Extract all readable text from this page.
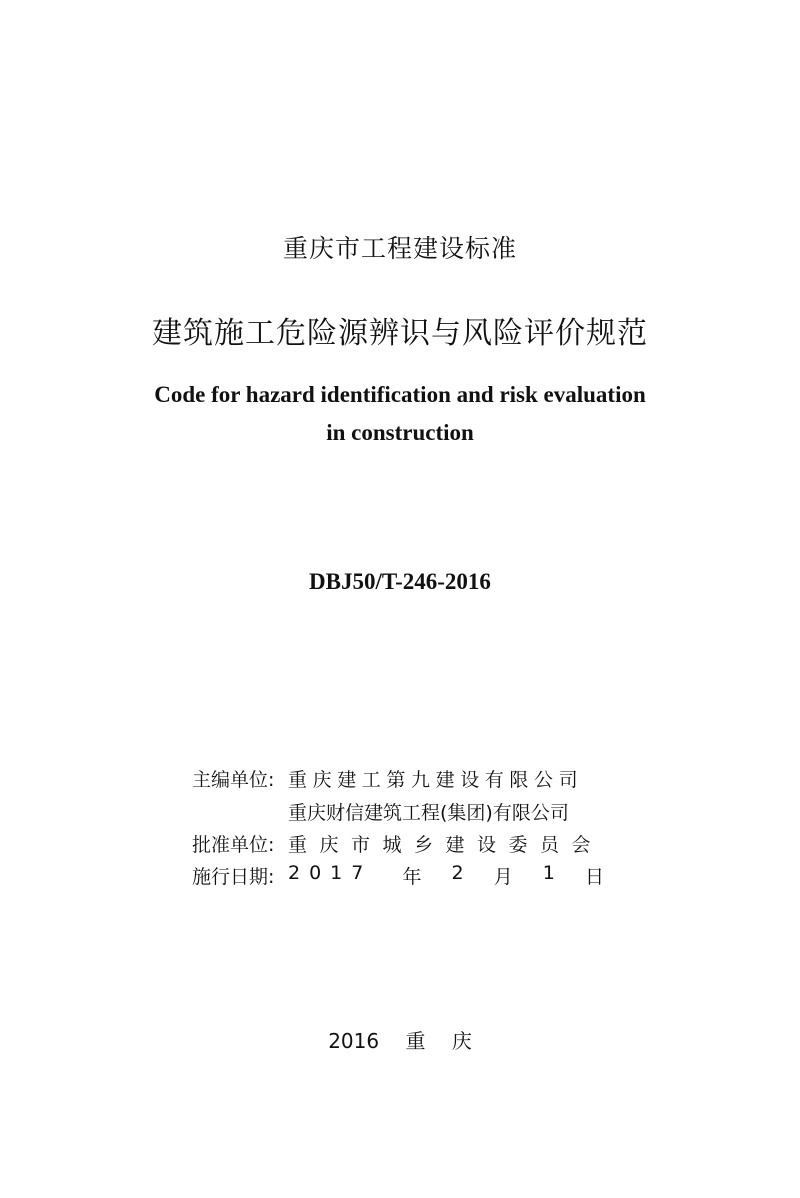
重庆市工程建设标准
建筑施工危险源辨识与风险评价规范
Code for hazard identification and risk evaluation
in construction
DBJ50/T-246-2016
主编单位: 重庆建工第九建设有限公司
重庆财信建筑工程(集团)有限公司
批准单位: 重庆市城乡建设委员会
施行日期: 2017 年 2 月 1 日
2016 重 庆
